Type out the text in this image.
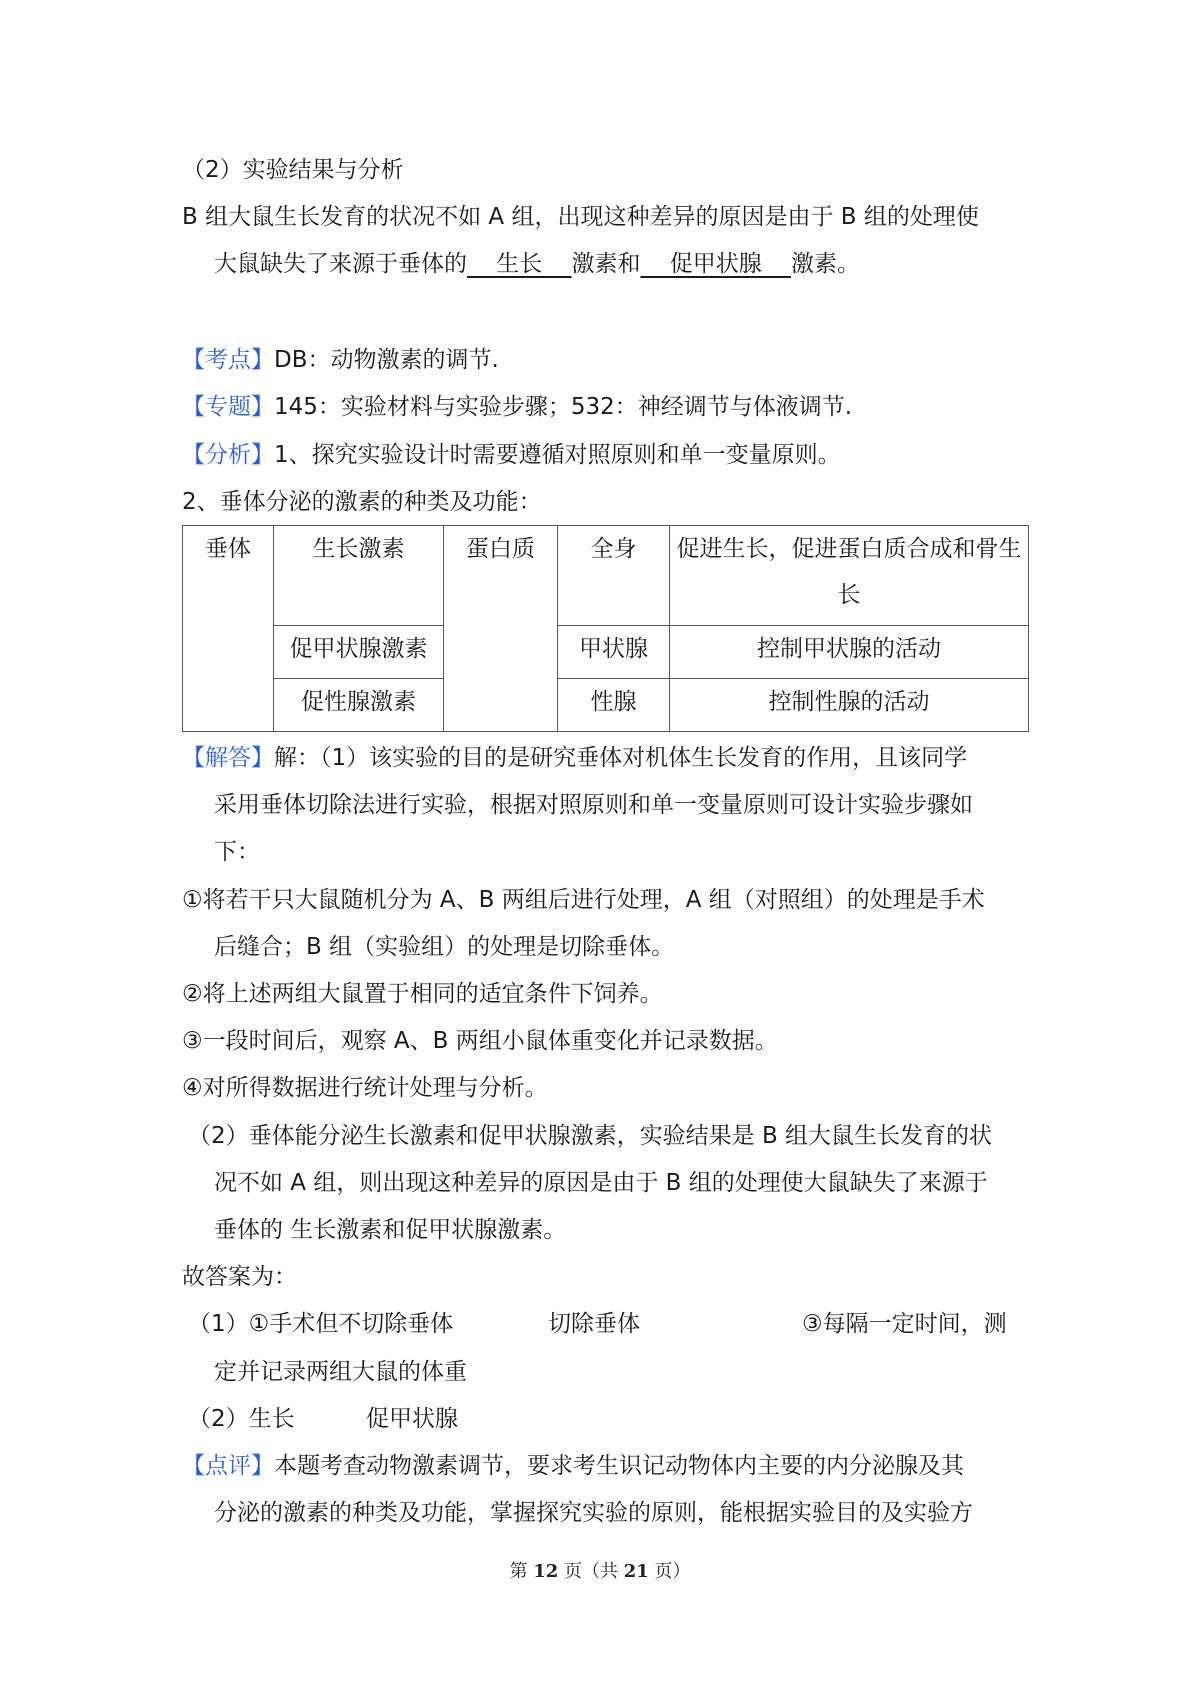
（2）实验结果与分析
B 组大鼠生长发育的状况不如 A 组，出现这种差异的原因是由于 B 组的处理使
大鼠缺失了来源于垂体的    生长    激素和    促甲状腺    激素。
【考点】DB：动物激素的调节.
【专题】145：实验材料与实验步骤；532：神经调节与体液调节.
【分析】1、探究实验设计时需要遵循对照原则和单一变量原则。
2、垂体分泌的激素的种类及功能：
垂体	生长激素	蛋白质	全身	促进生长，促进蛋白质合成和骨生长
	促甲状腺激素		甲状腺	控制甲状腺的活动
	促性腺激素		性腺	控制性腺的活动
【解答】解：（1）该实验的目的是研究垂体对机体生长发育的作用，且该同学
采用垂体切除法进行实验，根据对照原则和单一变量原则可设计实验步骤如
下：
①将若干只大鼠随机分为 A、B 两组后进行处理，A 组（对照组）的处理是手术
后缝合；B 组（实验组）的处理是切除垂体。
②将上述两组大鼠置于相同的适宜条件下饲养。
③一段时间后，观察 A、B 两组小鼠体重变化并记录数据。
④对所得数据进行统计处理与分析。
（2）垂体能分泌生长激素和促甲状腺激素，实验结果是 B 组大鼠生长发育的状
况不如 A 组，则出现这种差异的原因是由于 B 组的处理使大鼠缺失了来源于
垂体的 生长激素和促甲状腺激素。
故答案为：
（1）①手术但不切除垂体	切除垂体	③每隔一定时间，测
定并记录两组大鼠的体重
（2）生长	促甲状腺
【点评】本题考查动物激素调节，要求考生识记动物体内主要的内分泌腺及其
分泌的激素的种类及功能，掌握探究实验的原则，能根据实验目的及实验方
第 12 页（共 21 页）
